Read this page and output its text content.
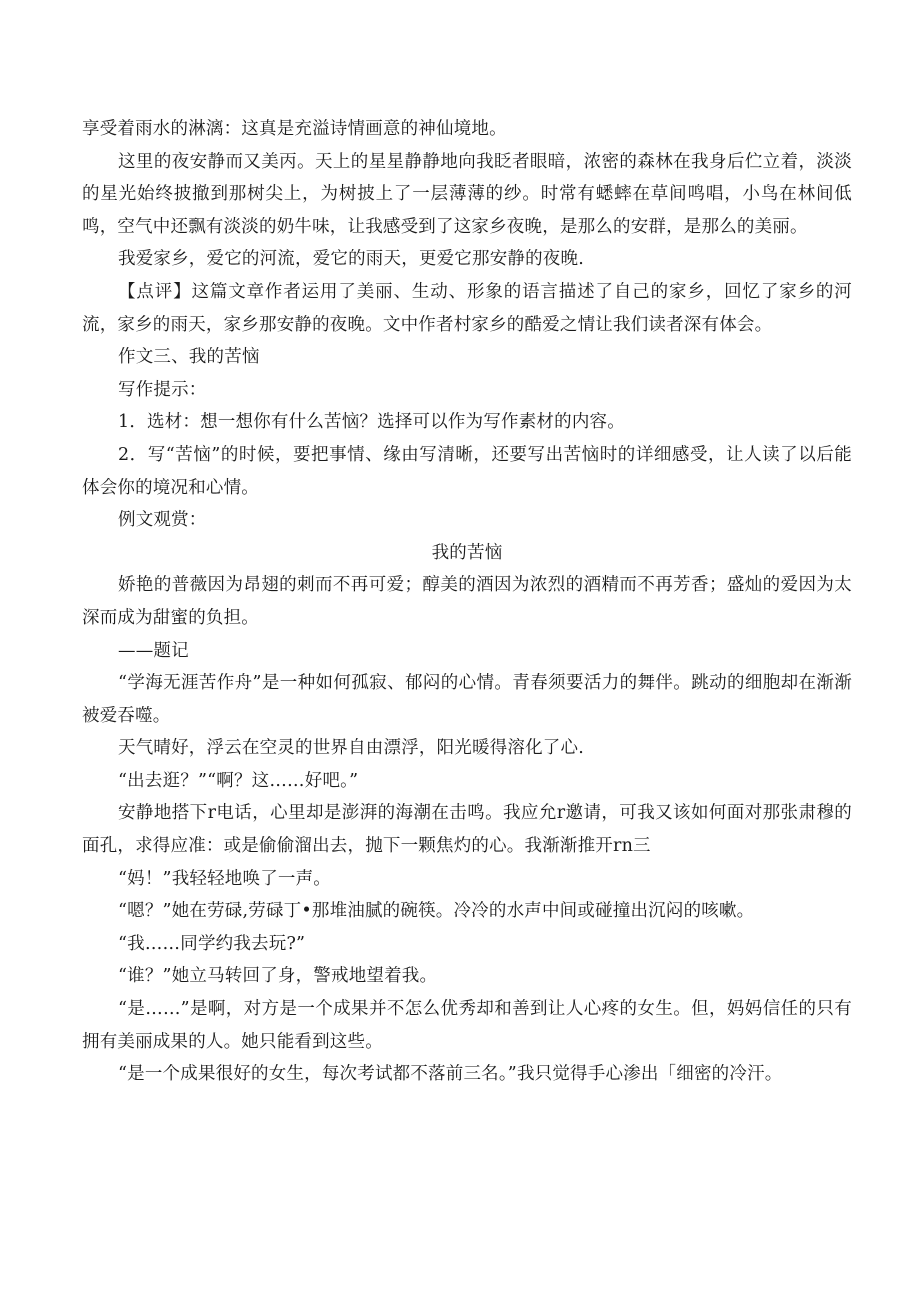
享受着雨水的淋漓：这真是充溢诗情画意的神仙境地。

这里的夜安静而又美丙。天上的星星静静地向我眨者眼暗，浓密的森林在我身后伫立着，淡淡的星光始终披撤到那树尖上，为树披上了一层薄薄的纱。时常有蟋蟀在草间鸣唱，小鸟在林间低鸣，空气中还飘有淡淡的奶牛味，让我感受到了这家乡夜晚，是那么的安群，是那么的美丽。

我爱家乡，爱它的河流，爱它的雨天，更爱它那安静的夜晚.

【点评】这篇文章作者运用了美丽、生动、形象的语言描述了自己的家乡，回忆了家乡的河流，家乡的雨天，家乡那安静的夜晚。文中作者村家乡的酷爱之情让我们读者深有体会。

作文三、我的苦恼

写作提示：

1．选材：想一想你有什么苦恼？选择可以作为写作素材的内容。

2．写“苦恼”的时候，要把事情、缘由写清晰，还要写出苦恼时的详细感受，让人读了以后能体会你的境况和心情。

例文观赏：

我的苦恼

娇艳的普薇因为昂翅的刺而不再可爱；醇美的酒因为浓烈的酒精而不再芳香；盛灿的爱因为太深而成为甜蜜的负担。

——题记

“学海无涯苦作舟”是一种如何孤寂、郁闷的心情。青春须要活力的舞伴。跳动的细胞却在渐渐被爱吞噬。

天气晴好，浮云在空灵的世界自由漂浮，阳光暖得溶化了心.

“出去逛？”“啊？这……好吧。”

安静地搭下r电话，心里却是澎湃的海潮在击鸣。我应允r邀请，可我又该如何面对那张肃穆的面孔，求得应准：或是偷偷溜出去，抛下一颗焦灼的心。我渐渐推开rn三

“妈！”我轻轻地唤了一声。

“嗯？”她在劳碌,劳碌丁•那堆油腻的碗筷。冷冷的水声中间或碰撞出沉闷的咳嗽。

“我……同学约我去玩?”

“谁？”她立马转回了身，警戒地望着我。

“是……”是啊，对方是一个成果并不怎么优秀却和善到让人心疼的女生。但，妈妈信任的只有拥有美丽成果的人。她只能看到这些。

“是一个成果很好的女生，每次考试都不落前三名。”我只觉得手心渗出「细密的冷汗。
